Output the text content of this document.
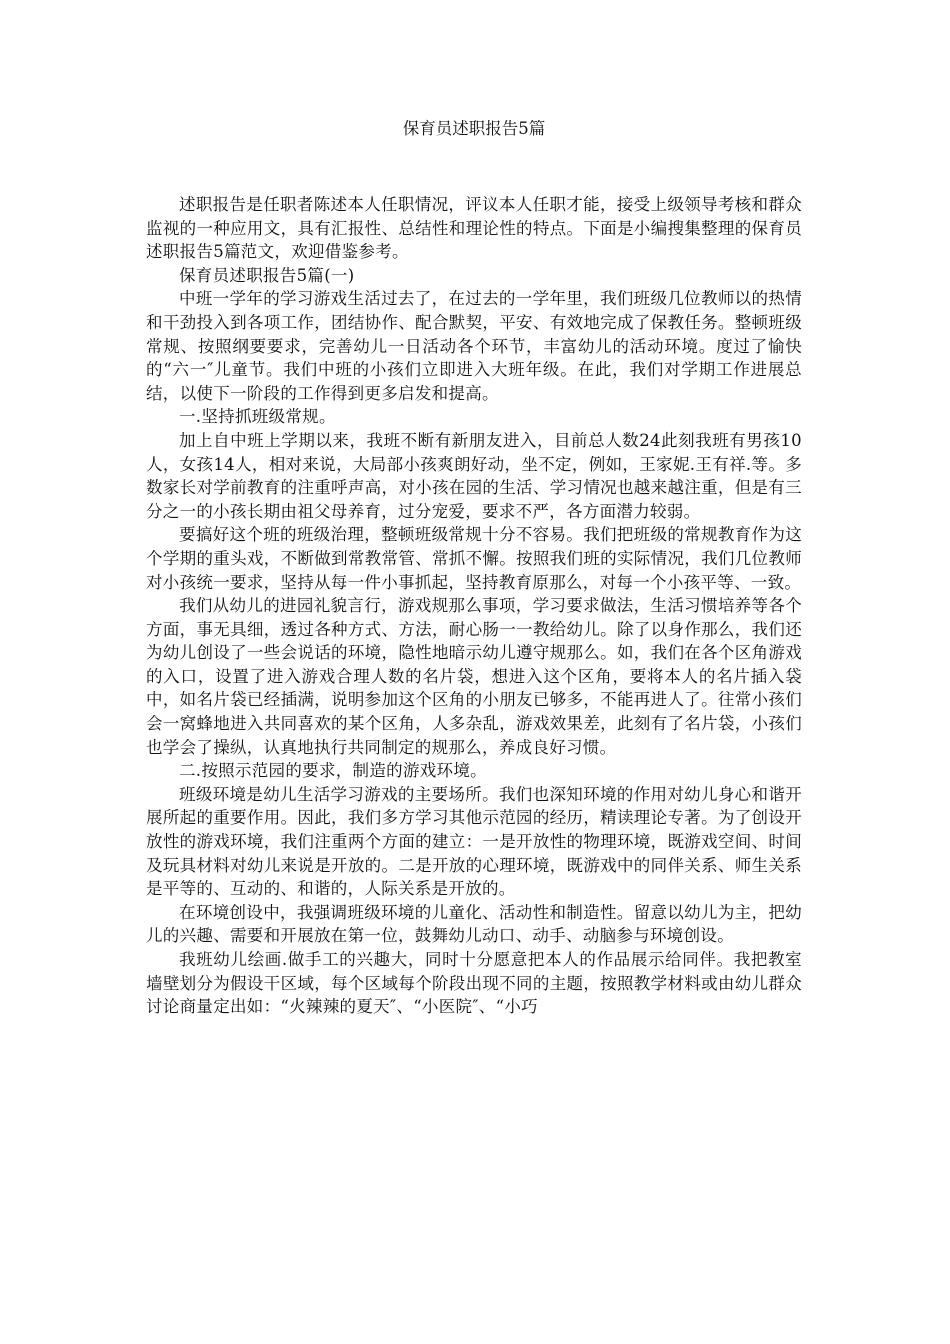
保育员述职报告5篇

述职报告是任职者陈述本人任职情况，评议本人任职才能，接受上级领导考核和群众监视的一种应用文，具有汇报性、总结性和理论性的特点。下面是小编搜集整理的保育员述职报告5篇范文，欢迎借鉴参考。

保育员述职报告5篇(一)

中班一学年的学习游戏生活过去了，在过去的一学年里，我们班级几位教师以的热情和干劲投入到各项工作，团结协作、配合默契，平安、有效地完成了保教任务。整顿班级常规、按照纲要要求，完善幼儿一日活动各个环节，丰富幼儿的活动环境。度过了愉快的“六一″儿童节。我们中班的小孩们立即进入大班年级。在此，我们对学期工作进展总结，以使下一阶段的工作得到更多启发和提高。

一.坚持抓班级常规。

加上自中班上学期以来，我班不断有新朋友进入，目前总人数24此刻我班有男孩10人，女孩14人，相对来说，大局部小孩爽朗好动，坐不定，例如，王家妮.王有祥.等。多数家长对学前教育的注重呼声高，对小孩在园的生活、学习情况也越来越注重，但是有三分之一的小孩长期由祖父母养育，过分宠爱，要求不严，各方面潜力较弱。

要搞好这个班的班级治理，整顿班级常规十分不容易。我们把班级的常规教育作为这个学期的重头戏，不断做到常教常管、常抓不懈。按照我们班的实际情况，我们几位教师对小孩统一要求，坚持从每一件小事抓起，坚持教育原那么，对每一个小孩平等、一致。

我们从幼儿的进园礼貌言行，游戏规那么事项，学习要求做法，生活习惯培养等各个方面，事无具细，透过各种方式、方法，耐心肠一一教给幼儿。除了以身作那么，我们还为幼儿创设了一些会说话的环境，隐性地暗示幼儿遵守规那么。如，我们在各个区角游戏的入口，设置了进入游戏合理人数的名片袋，想进入这个区角，要将本人的名片插入袋中，如名片袋已经插满，说明参加这个区角的小朋友已够多，不能再进人了。往常小孩们会一窝蜂地进入共同喜欢的某个区角，人多杂乱，游戏效果差，此刻有了名片袋，小孩们也学会了操纵，认真地执行共同制定的规那么，养成良好习惯。

二.按照示范园的要求，制造的游戏环境。

班级环境是幼儿生活学习游戏的主要场所。我们也深知环境的作用对幼儿身心和谐开展所起的重要作用。因此，我们多方学习其他示范园的经历，精读理论专著。为了创设开放性的游戏环境，我们注重两个方面的建立：一是开放性的物理环境，既游戏空间、时间及玩具材料对幼儿来说是开放的。二是开放的心理环境，既游戏中的同伴关系、师生关系是平等的、互动的、和谐的，人际关系是开放的。

在环境创设中，我强调班级环境的儿童化、活动性和制造性。留意以幼儿为主，把幼儿的兴趣、需要和开展放在第一位，鼓舞幼儿动口、动手、动脑参与环境创设。

我班幼儿绘画.做手工的兴趣大，同时十分愿意把本人的作品展示给同伴。我把教室墙壁划分为假设干区域，每个区域每个阶段出现不同的主题，按照教学材料或由幼儿群众讨论商量定出如：“火辣辣的夏天″、“小医院″、“小巧
